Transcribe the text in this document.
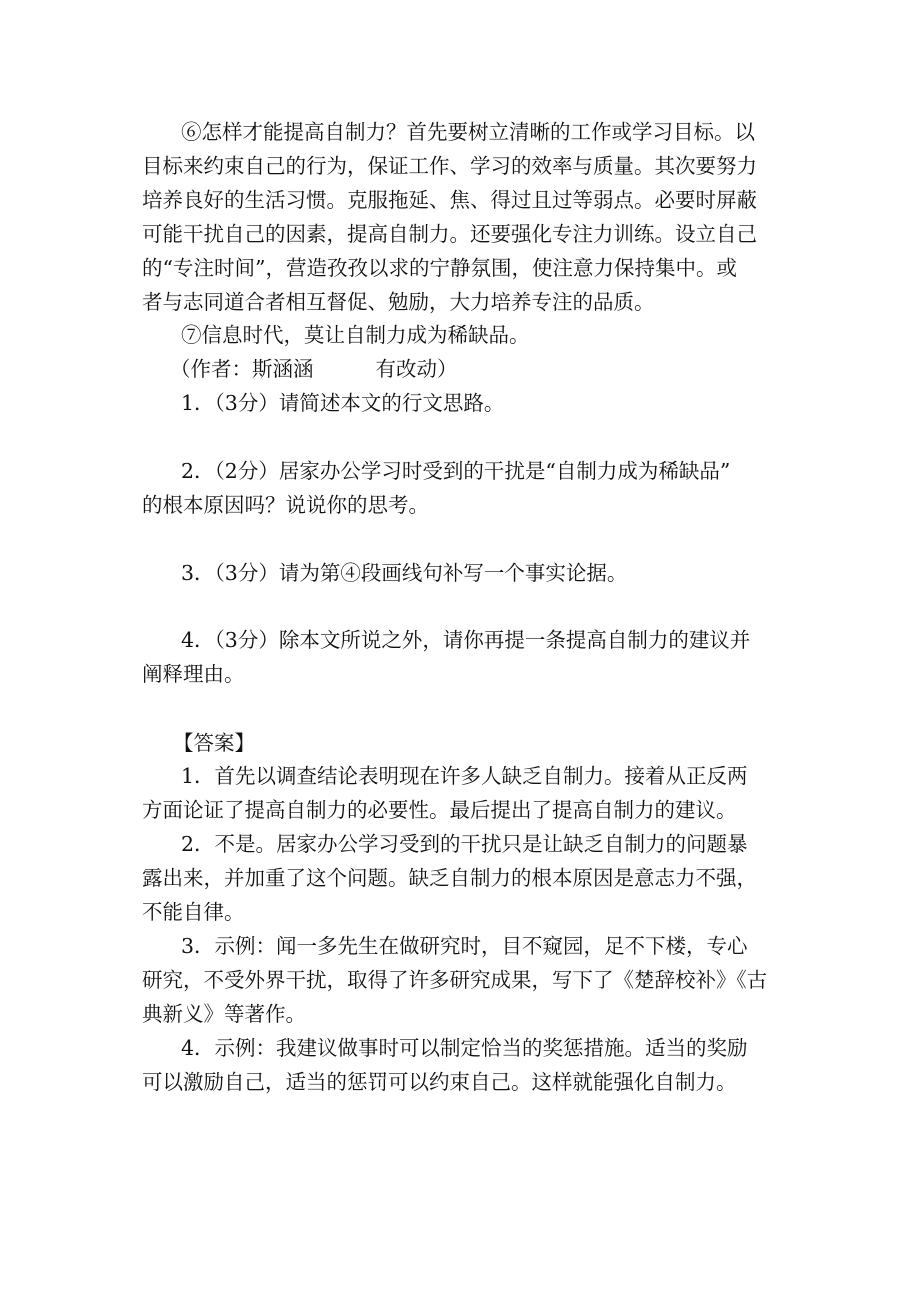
⑥怎样才能提高自制力？首先要树立清晰的工作或学习目标。以
目标来约束自己的行为，保证工作、学习的效率与质量。其次要努力
培养良好的生活习惯。克服拖延、焦、得过且过等弱点。必要时屏蔽
可能干扰自己的因素，提高自制力。还要强化专注力训练。设立自己
的“专注时间”，营造孜孜以求的宁静氛围，使注意力保持集中。或
者与志同道合者相互督促、勉励，大力培养专注的品质。
⑦信息时代，莫让自制力成为稀缺品。
（作者：斯涵涵	有改动）
1．（3分）请简述本文的行文思路。
2．（2分）居家办公学习时受到的干扰是“自制力成为稀缺品”
的根本原因吗？说说你的思考。
3．（3分）请为第④段画线句补写一个事实论据。
4．（3分）除本文所说之外，请你再提一条提高自制力的建议并
阐释理由。
【答案】
1．首先以调查结论表明现在许多人缺乏自制力。接着从正反两
方面论证了提高自制力的必要性。最后提出了提高自制力的建议。
2．不是。居家办公学习受到的干扰只是让缺乏自制力的问题暴
露出来，并加重了这个问题。缺乏自制力的根本原因是意志力不强，
不能自律。
3．示例：闻一多先生在做研究时，目不窥园，足不下楼，专心
研究，不受外界干扰，取得了许多研究成果，写下了《楚辞校补》《古
典新义》等著作。
4．示例：我建议做事时可以制定恰当的奖惩措施。适当的奖励
可以激励自己，适当的惩罚可以约束自己。这样就能强化自制力。
